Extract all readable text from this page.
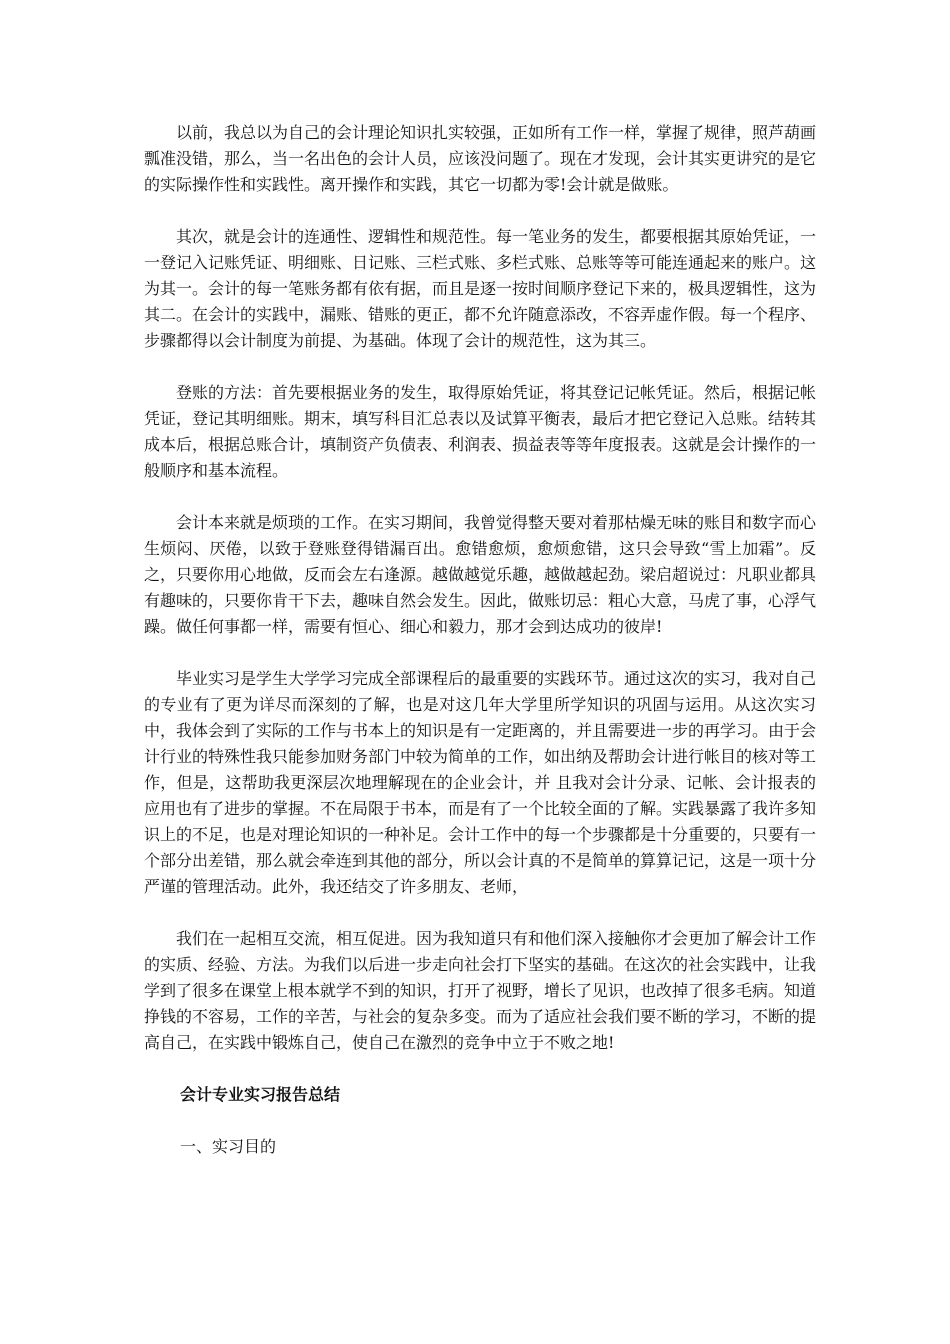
以前，我总以为自己的会计理论知识扎实较强，正如所有工作一样，掌握了规律，照芦葫画瓢准没错，那么，当一名出色的会计人员，应该没问题了。现在才发现，会计其实更讲究的是它的实际操作性和实践性。离开操作和实践，其它一切都为零!会计就是做账。

其次，就是会计的连通性、逻辑性和规范性。每一笔业务的发生，都要根据其原始凭证，一一登记入记账凭证、明细账、日记账、三栏式账、多栏式账、总账等等可能连通起来的账户。这为其一。会计的每一笔账务都有依有据，而且是逐一按时间顺序登记下来的，极具逻辑性，这为其二。在会计的实践中，漏账、错账的更正，都不允许随意添改，不容弄虚作假。每一个程序、步骤都得以会计制度为前提、为基础。体现了会计的规范性，这为其三。

登账的方法：首先要根据业务的发生，取得原始凭证，将其登记记帐凭证。然后，根据记帐凭证，登记其明细账。期末，填写科目汇总表以及试算平衡表，最后才把它登记入总账。结转其成本后，根据总账合计，填制资产负债表、利润表、损益表等等年度报表。这就是会计操作的一般顺序和基本流程。

会计本来就是烦琐的工作。在实习期间，我曾觉得整天要对着那枯燥无味的账目和数字而心生烦闷、厌倦，以致于登账登得错漏百出。愈错愈烦，愈烦愈错，这只会导致“雪上加霜”。反之，只要你用心地做，反而会左右逢源。越做越觉乐趣，越做越起劲。梁启超说过：凡职业都具有趣味的，只要你肯干下去，趣味自然会发生。因此，做账切忌：粗心大意，马虎了事，心浮气躁。做任何事都一样，需要有恒心、细心和毅力，那才会到达成功的彼岸!

毕业实习是学生大学学习完成全部课程后的最重要的实践环节。通过这次的实习，我对自己的专业有了更为详尽而深刻的了解，也是对这几年大学里所学知识的巩固与运用。从这次实习中，我体会到了实际的工作与书本上的知识是有一定距离的，并且需要进一步的再学习。由于会计行业的特殊性我只能参加财务部门中较为简单的工作，如出纳及帮助会计进行帐目的核对等工作，但是，这帮助我更深层次地理解现在的企业会计，并 且我对会计分录、记帐、会计报表的应用也有了进步的掌握。不在局限于书本，而是有了一个比较全面的了解。实践暴露了我许多知识上的不足，也是对理论知识的一种补足。会计工作中的每一个步骤都是十分重要的，只要有一个部分出差错，那么就会牵连到其他的部分，所以会计真的不是简单的算算记记，这是一项十分严谨的管理活动。此外，我还结交了许多朋友、老师，

我们在一起相互交流，相互促进。因为我知道只有和他们深入接触你才会更加了解会计工作的实质、经验、方法。为我们以后进一步走向社会打下坚实的基础。在这次的社会实践中，让我学到了很多在课堂上根本就学不到的知识，打开了视野，增长了见识，也改掉了很多毛病。知道挣钱的不容易，工作的辛苦，与社会的复杂多变。而为了适应社会我们要不断的学习，不断的提高自己，在实践中锻炼自己，使自己在激烈的竞争中立于不败之地!

会计专业实习报告总结

一、实习目的
